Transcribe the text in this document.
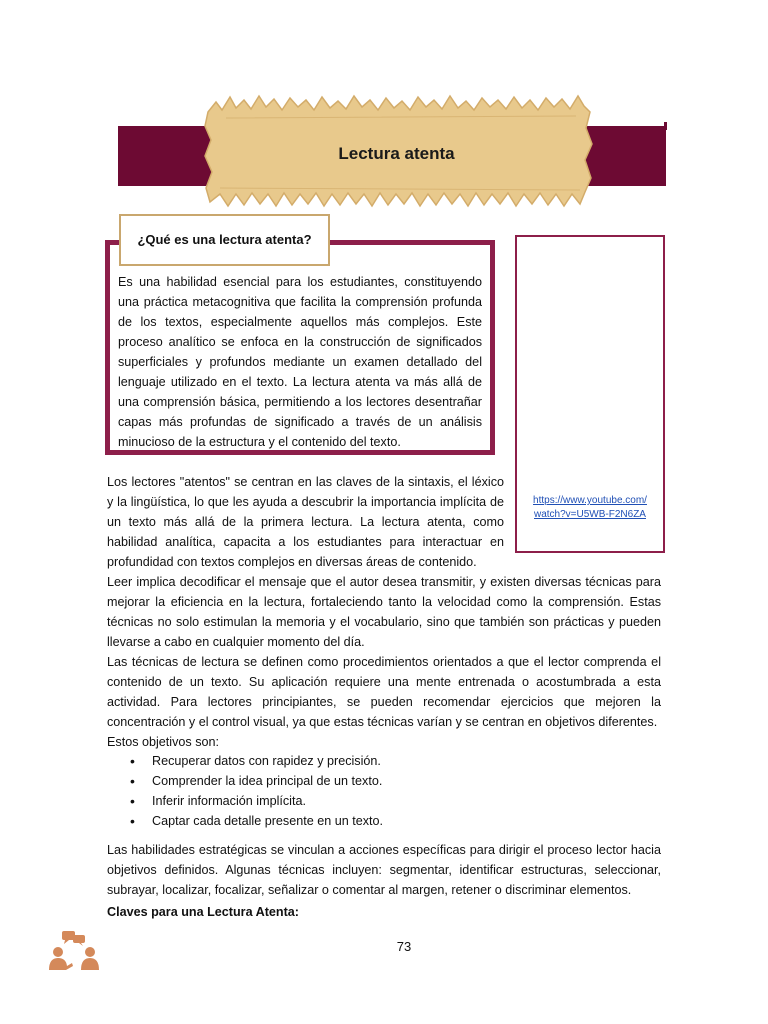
Lectura atenta
¿Qué es una lectura atenta?
Es una habilidad esencial para los estudiantes, constituyendo una práctica metacognitiva que facilita la comprensión profunda de los textos, especialmente aquellos más complejos. Este proceso analítico se enfoca en la construcción de significados superficiales y profundos mediante un examen detallado del lenguaje utilizado en el texto. La lectura atenta va más allá de una comprensión básica, permitiendo a los lectores desentrañar capas más profundas de significado a través de un análisis minucioso de la estructura y el contenido del texto.
https://www.youtube.com/
watch?v=U5WB-F2N6ZA
Los lectores "atentos" se centran en las claves de la sintaxis, el léxico y la lingüística, lo que les ayuda a descubrir la importancia implícita de un texto más allá de la primera lectura. La lectura atenta, como habilidad analítica, capacita a los estudiantes para interactuar en profundidad con textos complejos en diversas áreas de contenido.
Leer implica decodificar el mensaje que el autor desea transmitir, y existen diversas técnicas para mejorar la eficiencia en la lectura, fortaleciendo tanto la velocidad como la comprensión. Estas técnicas no solo estimulan la memoria y el vocabulario, sino que también son prácticas y pueden llevarse a cabo en cualquier momento del día.
Las técnicas de lectura se definen como procedimientos orientados a que el lector comprenda el contenido de un texto. Su aplicación requiere una mente entrenada o acostumbrada a esta actividad. Para lectores principiantes, se pueden recomendar ejercicios que mejoren la concentración y el control visual, ya que estas técnicas varían y se centran en objetivos diferentes.
Estos objetivos son:
• Recuperar datos con rapidez y precisión.
• Comprender la idea principal de un texto.
• Inferir información implícita.
• Captar cada detalle presente en un texto.
Las habilidades estratégicas se vinculan a acciones específicas para dirigir el proceso lector hacia objetivos definidos. Algunas técnicas incluyen: segmentar, identificar estructuras, seleccionar, subrayar, localizar, focalizar, señalizar o comentar al margen, retener o discriminar elementos.
Claves para una Lectura Atenta:
73
